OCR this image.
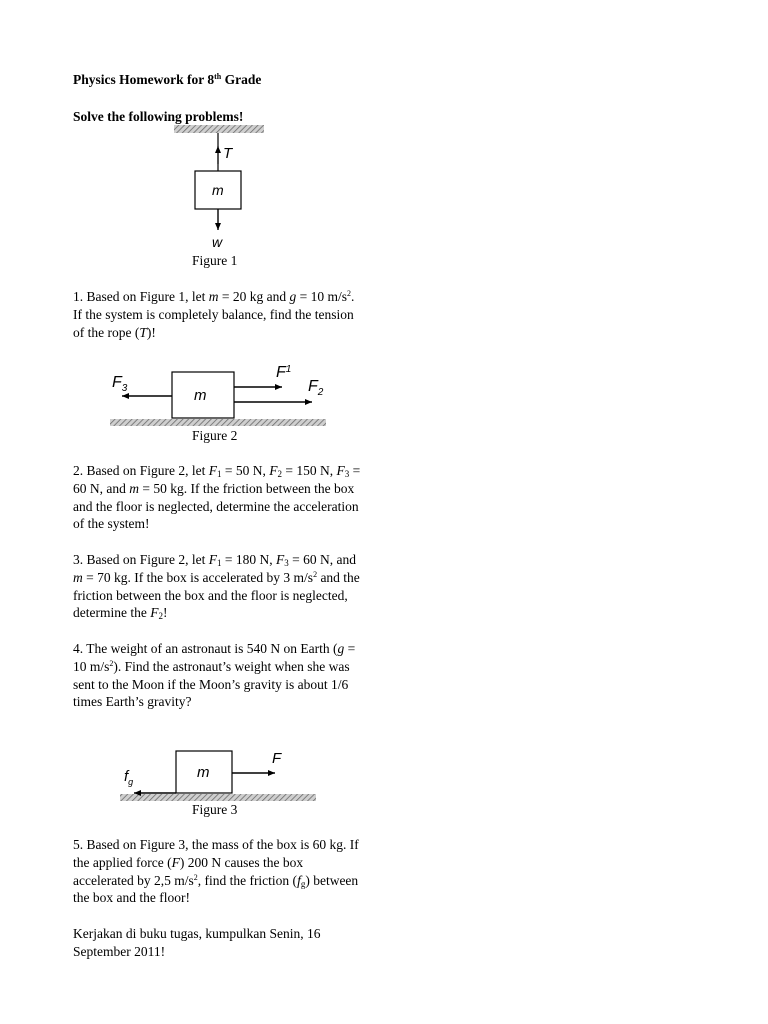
Physics Homework for 8th Grade
Solve the following problems!
T
m
w
Figure 1
1. Based on Figure 1, let m = 20 kg and g = 10 $m/s^2$. If the system is completely balance, find the tension of the rope (T)!
m
$F_3$
$F^1$
$F_2$
Figure 2
2. Based on Figure 2, let $F_1 = 50$ N, $F_2 = 150$ N, $F_3 = 60$ N, and m = 50 kg. If the friction between the box and the floor is neglected, determine the acceleration of the system!
3. Based on Figure 2, let $F_1 = 180$ N, $F_3 = 60$ N, and m = 70 kg. If the box is accelerated by 3 $m/s^2$ and the friction between the box and the floor is neglected, determine the $F_2$!
4. The weight of an astronaut is 540 N on Earth (g = 10 $m/s^2$). Find the astronaut’s weight when she was sent to the Moon if the Moon’s gravity is about 1/6 times Earth’s gravity?
m
$f_g$
F
Figure 3
5. Based on Figure 3, the mass of the box is 60 kg. If the applied force (F) 200 N causes the box accelerated by 2,5 $m/s^2$, find the friction $(f_g)$ between the box and the floor!
Kerjakan di buku tugas, kumpulkan Senin, 16 September 2011!
